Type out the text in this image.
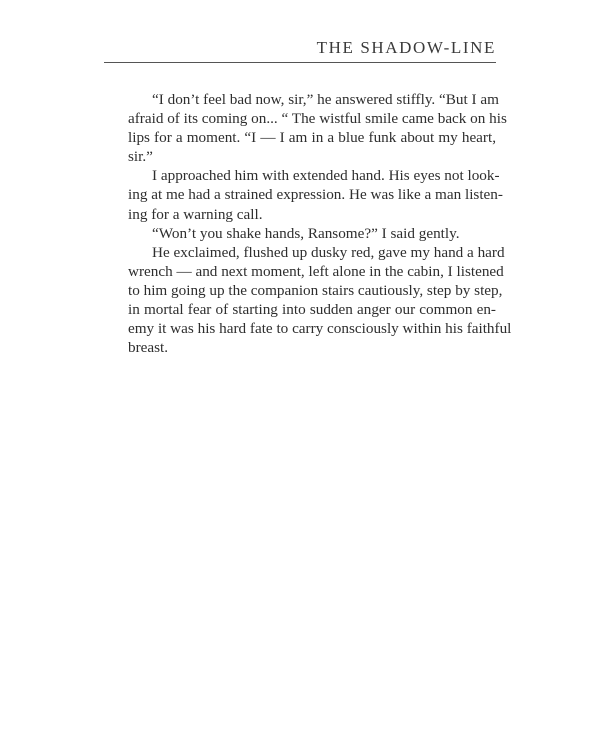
THE SHADOW-LINE
“I don’t feel bad now, sir,” he answered stiffly. “But I am
afraid of its coming on... “ The wistful smile came back on his
lips for a moment. “I — I am in a blue funk about my heart,
sir.”
I approached him with extended hand. His eyes not look-
ing at me had a strained expression. He was like a man listen-
ing for a warning call.
“Won’t you shake hands, Ransome?” I said gently.
He exclaimed, flushed up dusky red, gave my hand a hard
wrench — and next moment, left alone in the cabin, I listened
to him going up the companion stairs cautiously, step by step,
in mortal fear of starting into sudden anger our common en-
emy it was his hard fate to carry consciously within his faithful
breast.
